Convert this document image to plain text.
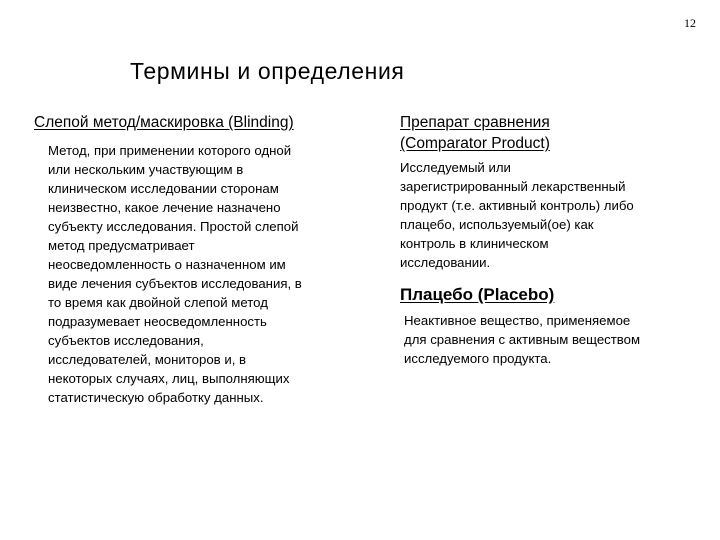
12
Термины и определения
Слепой метод/маскировка (Blinding)
Метод, при применении которого одной
или нескольким участвующим в
клиническом исследовании сторонам
неизвестно, какое лечение назначено
субъекту исследования. Простой слепой
метод предусматривает
неосведомленность о назначенном им
виде лечения субъектов исследования, в
то время как двойной слепой метод
подразумевает неосведомленность
субъектов исследования,
исследователей, мониторов и, в
некоторых случаях, лиц, выполняющих
статистическую обработку данных.
Препарат сравнения
(Comparator Product)
Исследуемый или
зарегистрированный лекарственный
продукт (т.е. активный контроль) либо
плацебо, используемый(ое) как
контроль в клиническом
исследовании.
Плацебо (Placebo)
Неактивное вещество, применяемое
для сравнения с активным веществом
исследуемого продукта.
